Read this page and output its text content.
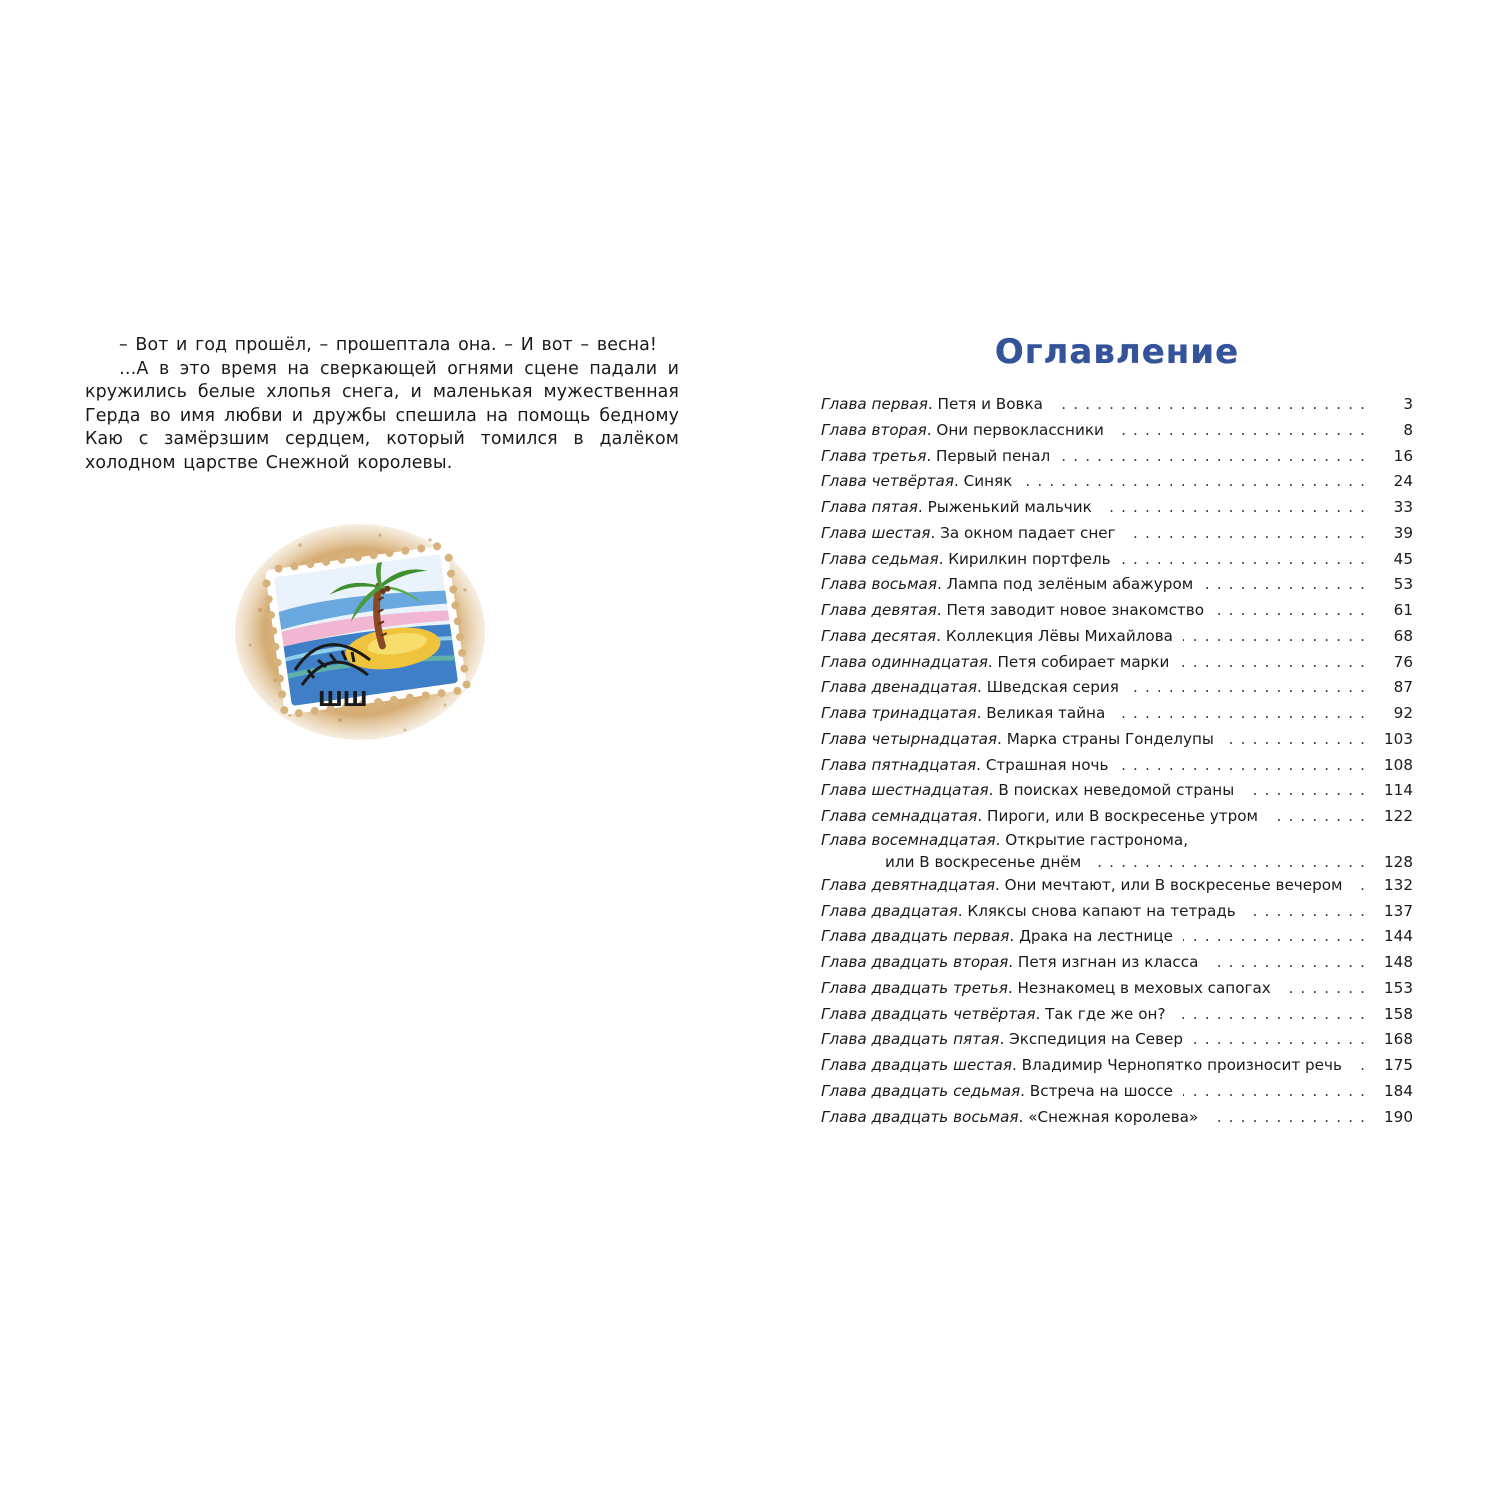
– Вот и год прошёл, – прошептала она. – И вот – весна!

…А в это время на сверкающей огнями сцене падали и кружились белые хлопья снега, и маленькая мужественная Герда во имя любви и дружбы спешила на помощь бедному Каю с замёрзшим сердцем, который томился в далёком холодном царстве Снежной королевы.

ШШ
Оглавление
Глава первая . Петя и Вовка . . .	3
Глава вторая . Они первоклассники . . .	8
Глава третья . Первый пенал . . .	16
Глава четвёртая . Синяк . . .	24
Глава пятая . Рыженький мальчик . . .	33
Глава шестая . За окном падает снег . . .	39
Глава седьмая . Кирилкин портфель . . .	45
Глава восьмая . Лампа под зелёным абажуром . . .	53
Глава девятая . Петя заводит новое знакомство . . .	61
Глава десятая . Коллекция Лёвы Михайлова . . .	68
Глава одиннадцатая . Петя собирает марки . . .	76
Глава двенадцатая . Шведская серия . . .	87
Глава тринадцатая . Великая тайна . . .	92
Глава четырнадцатая . Марка страны Гонделупы . . .	103
Глава пятнадцатая . Страшная ночь . . .	108
Глава шестнадцатая . В поисках неведомой страны . . .	114
Глава семнадцатая . Пироги, или В воскресенье утром . . .	122
Глава восемнадцатая . Открытие гастронома,
или В воскресенье днём . . .	128
Глава девятнадцатая . Они мечтают, или В воскресенье вечером . . .	132
Глава двадцатая . Кляксы снова капают на тетрадь . . .	137
Глава двадцать первая . Драка на лестнице . . .	144
Глава двадцать вторая . Петя изгнан из класса . . .	148
Глава двадцать третья . Незнакомец в меховых сапогах . . .	153
Глава двадцать четвёртая . Так где же он? . . .	158
Глава двадцать пятая . Экспедиция на Север . . .	168
Глава двадцать шестая . Владимир Чернопятко произносит речь . . .	175
Глава двадцать седьмая . Встреча на шоссе . . .	184
Глава двадцать восьмая . «Снежная королева» . . .	190
